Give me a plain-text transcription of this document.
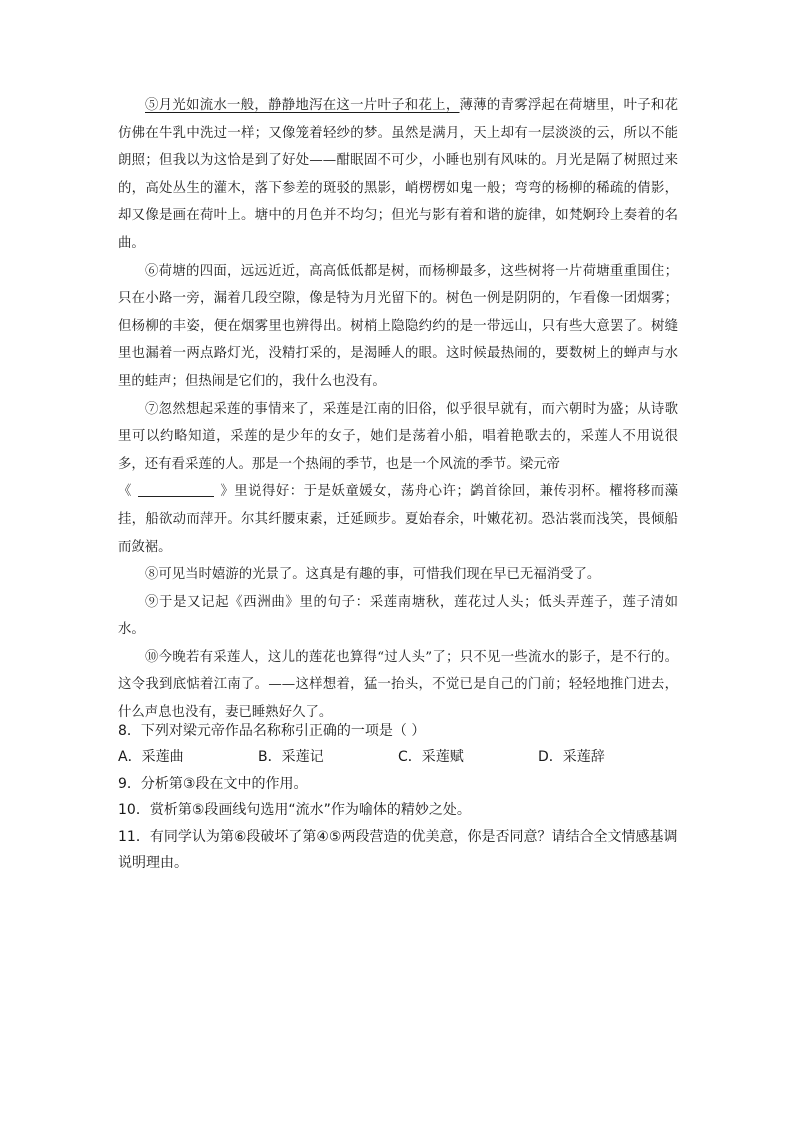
⑤月光如流水一般，静静地泻在这一片叶子和花上，薄薄的青雾浮起在荷塘里，叶子和花仿佛在牛乳中洗过一样；又像笼着轻纱的梦。虽然是满月，天上却有一层淡淡的云，所以不能朗照；但我以为这恰是到了好处——酣眠固不可少，小睡也别有风味的。月光是隔了树照过来的，高处丛生的灌木，落下参差的斑驳的黑影，峭楞楞如鬼一般；弯弯的杨柳的稀疏的倩影，却又像是画在荷叶上。塘中的月色并不均匀；但光与影有着和谐的旋律，如梵婀玲上奏着的名曲。

⑥荷塘的四面，远远近近，高高低低都是树，而杨柳最多，这些树将一片荷塘重重围住；只在小路一旁，漏着几段空隙，像是特为月光留下的。树色一例是阴阴的，乍看像一团烟雾；但杨柳的丰姿，便在烟雾里也辨得出。树梢上隐隐约约的是一带远山，只有些大意罢了。树缝里也漏着一两点路灯光，没精打采的，是渴睡人的眼。这时候最热闹的，要数树上的蝉声与水里的蛙声；但热闹是它们的，我什么也没有。

⑦忽然想起采莲的事情来了，采莲是江南的旧俗，似乎很早就有，而六朝时为盛；从诗歌里可以约略知道，采莲的是少年的女子，她们是荡着小船，唱着艳歌去的，采莲人不用说很多，还有看采莲的人。那是一个热闹的季节，也是一个风流的季节。梁元帝

《	》里说得好：于是妖童媛女，荡舟心许；鹢首徐回，兼传羽杯。櫂将移而藻挂，船欲动而萍开。尔其纤腰束素，迁延顾步。夏始春余，叶嫩花初。恐沾裳而浅笑，畏倾船而敛裾。

⑧可见当时嬉游的光景了。这真是有趣的事，可惜我们现在早已无福消受了。

⑨于是又记起《西洲曲》里的句子：采莲南塘秋，莲花过人头；低头弄莲子，莲子清如水。

⑩今晚若有采莲人，这儿的莲花也算得“过人头”了；只不见一些流水的影子，是不行的。这令我到底惦着江南了。——这样想着，猛一抬头，不觉已是自己的门前；轻轻地推门进去，什么声息也没有，妻已睡熟好久了。

8．下列对梁元帝作品名称称引正确的一项是（ ）

A．采莲曲	B．采莲记	C．采莲赋	D．采莲辞

9．分析第③段在文中的作用。

10．赏析第⑤段画线句选用“流水”作为喻体的精妙之处。

11．有同学认为第⑥段破坏了第④⑤两段营造的优美意，你是否同意？请结合全文情感基调说明理由。
